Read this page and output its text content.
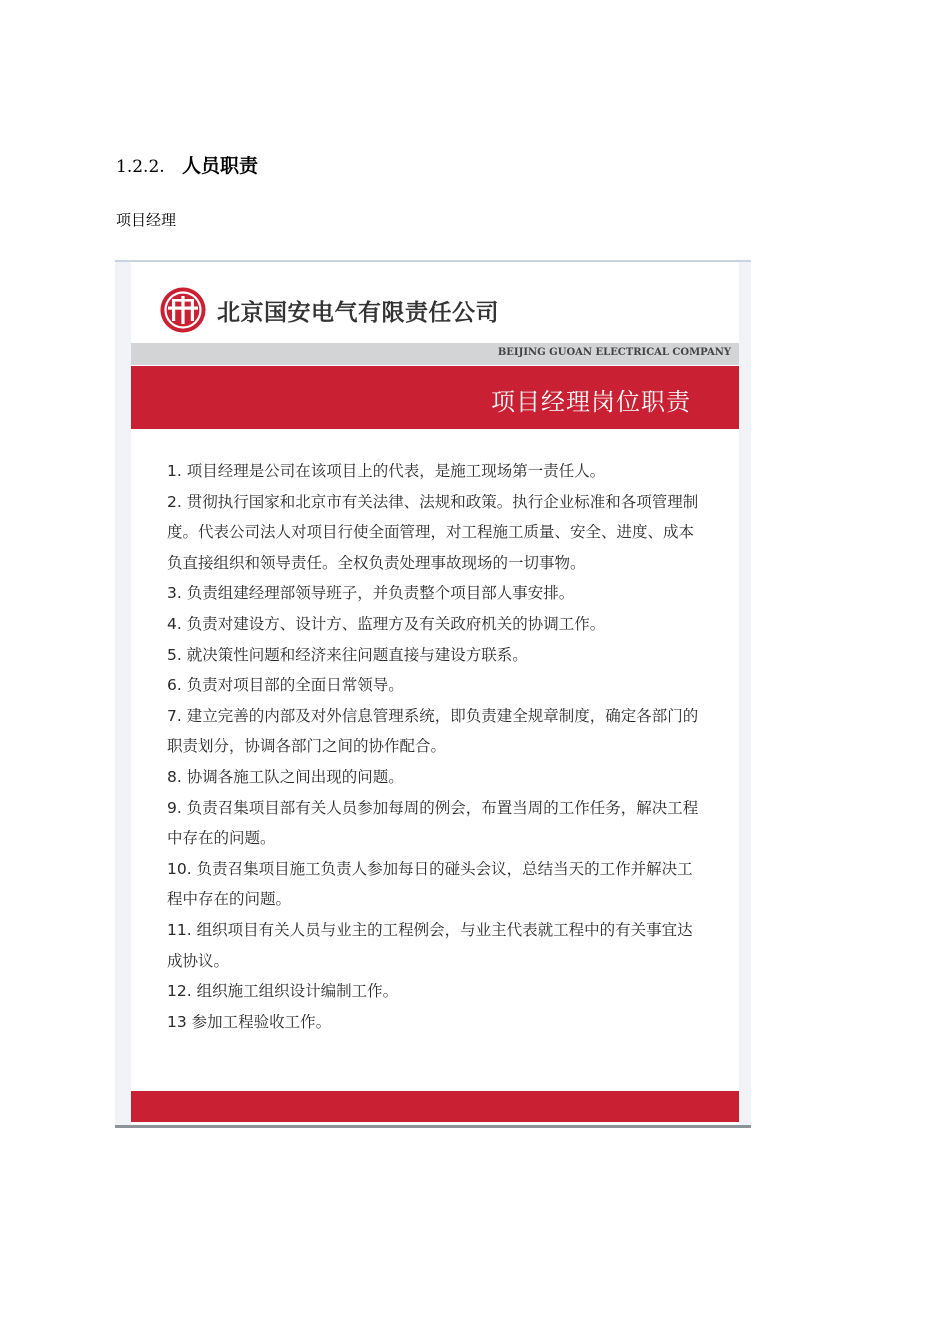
1.2.2. 人员职责
项目经理
北京国安电气有限责任公司
BEIJING GUOAN ELECTRICAL COMPANY
项目经理岗位职责
1. 项目经理是公司在该项目上的代表，是施工现场第一责任人。
2. 贯彻执行国家和北京市有关法律、法规和政策。执行企业标准和各项管理制度。代表公司法人对项目行使全面管理，对工程施工质量、安全、进度、成本负直接组织和领导责任。全权负责处理事故现场的一切事物。
3. 负责组建经理部领导班子，并负责整个项目部人事安排。
4. 负责对建设方、设计方、监理方及有关政府机关的协调工作。
5. 就决策性问题和经济来往问题直接与建设方联系。
6. 负责对项目部的全面日常领导。
7. 建立完善的内部及对外信息管理系统，即负责建全规章制度，确定各部门的职责划分，协调各部门之间的协作配合。
8. 协调各施工队之间出现的问题。
9. 负责召集项目部有关人员参加每周的例会，布置当周的工作任务，解决工程中存在的问题。
10. 负责召集项目施工负责人参加每日的碰头会议，总结当天的工作并解决工程中存在的问题。
11. 组织项目有关人员与业主的工程例会，与业主代表就工程中的有关事宜达成协议。
12. 组织施工组织设计编制工作。
13 参加工程验收工作。
